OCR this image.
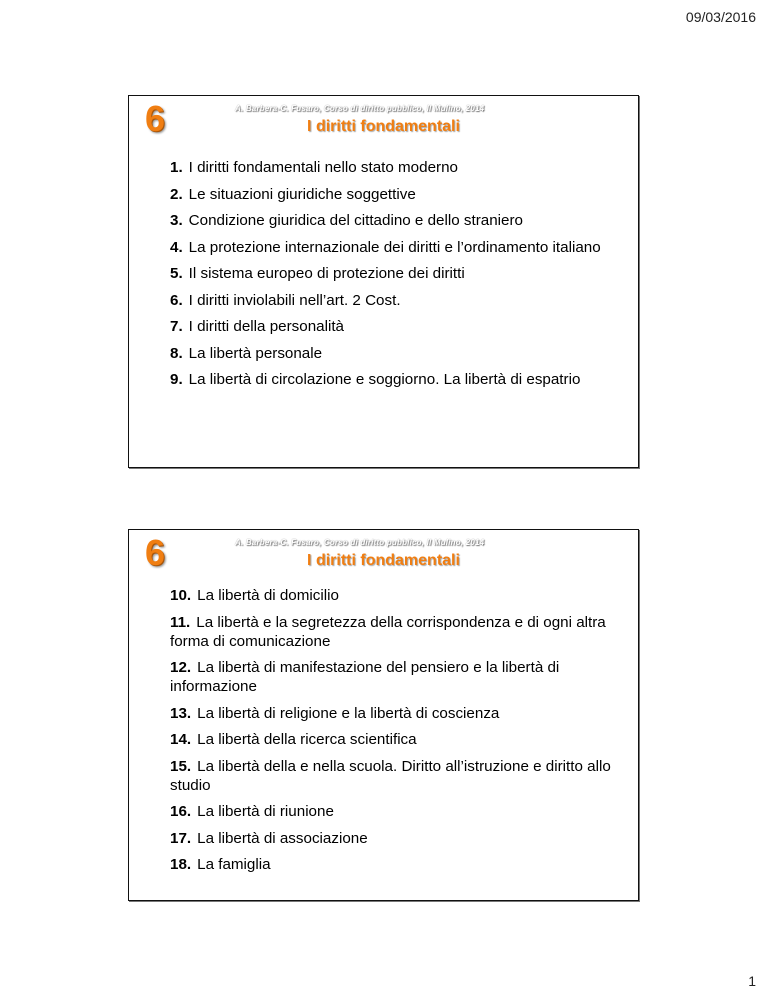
09/03/2016
6	A. Barbera-C. Fusaro, Corso di diritto pubblico, Il Mulino, 2014
I diritti fondamentali
1. I diritti fondamentali nello stato moderno
2. Le situazioni giuridiche soggettive
3. Condizione giuridica del cittadino e dello straniero
4. La protezione internazionale dei diritti e l’ordinamento italiano
5. Il sistema europeo di protezione dei diritti
6. I diritti inviolabili nell’art. 2 Cost.
7. I diritti della personalità
8. La libertà personale
9. La libertà di circolazione e soggiorno. La libertà di espatrio
6	A. Barbera-C. Fusaro, Corso di diritto pubblico, Il Mulino, 2014
I diritti fondamentali
10. La libertà di domicilio
11. La libertà e la segretezza della corrispondenza e di ogni altra forma di comunicazione
12. La libertà di manifestazione del pensiero e la libertà di informazione
13. La libertà di religione e la libertà di coscienza
14. La libertà della ricerca scientifica
15. La libertà della e nella scuola. Diritto all’istruzione e diritto allo studio
16. La libertà di riunione
17. La libertà di associazione
18. La famiglia
1
